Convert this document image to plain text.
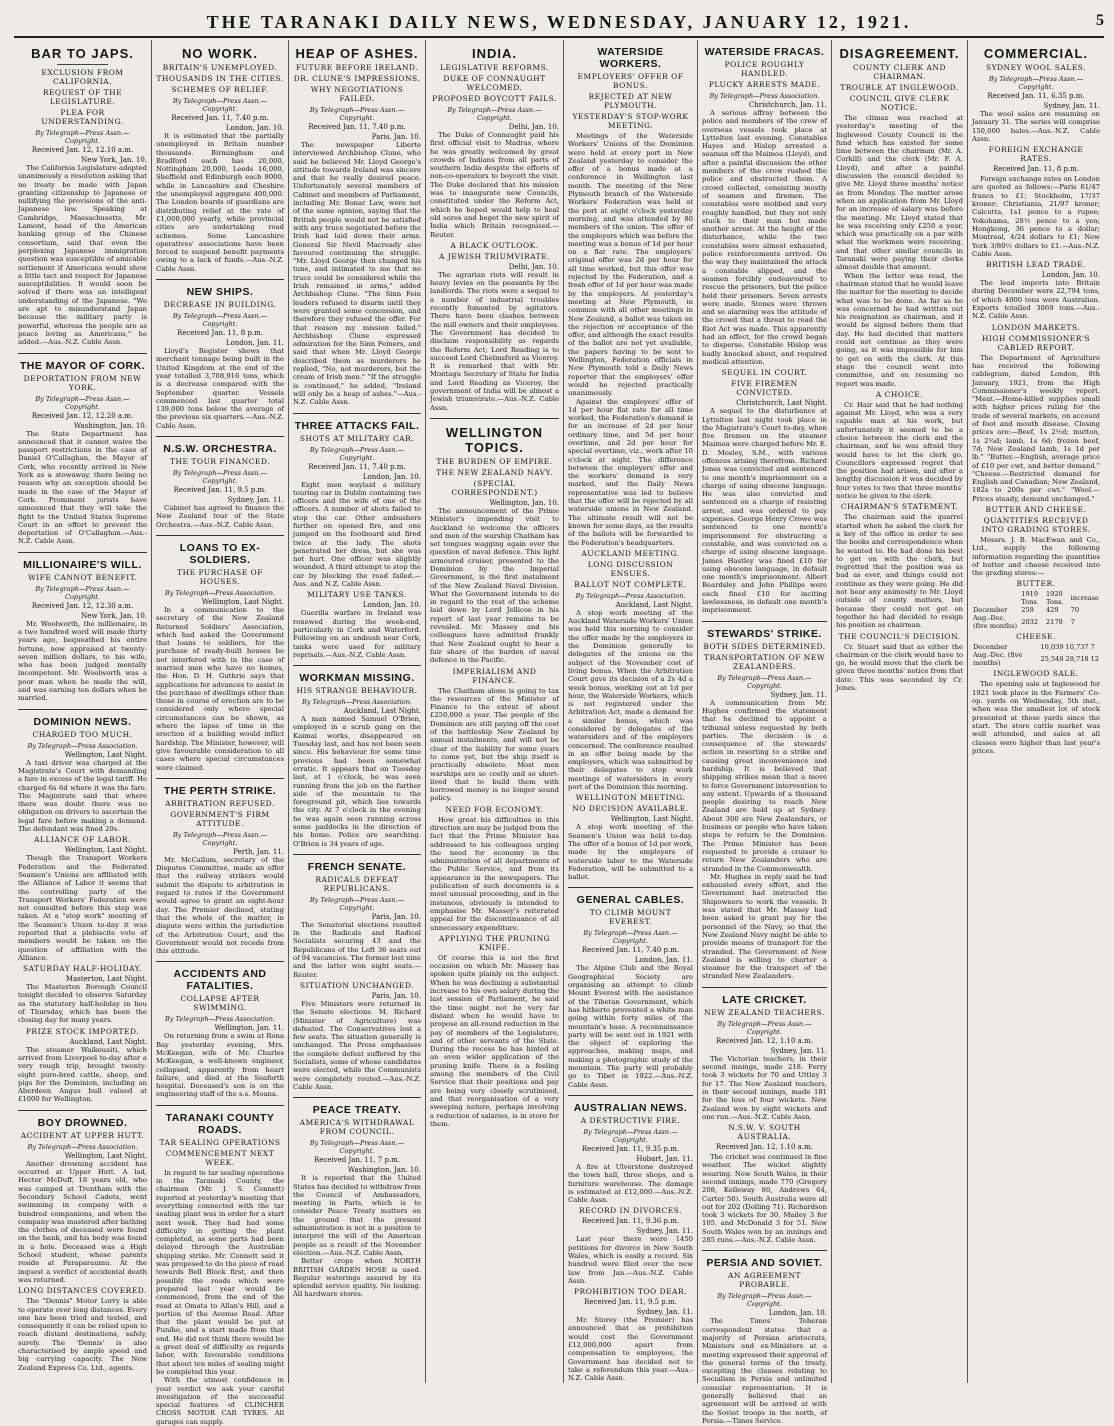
THE TARANAKI DAILY NEWS, WEDNESDAY, JANUARY 12, 1921.	5
BAR TO JAPS.
EXCLUSION FROM CALIFORNIA.
REQUEST OF THE LEGISLATURE.
PLEA FOR UNDERSTANDING.
By Telegraph—Press Assn.—Copyright.
Received Jan. 12, 12.10 a.m.
New York, Jan. 10.

The California Legislature adopted unanimously a resolution asking that no treaty be made with Japan granting citizenship to Japanese or nullifying the provisions of the anti-Japanese law. Speaking at Cambridge, Massachusetts, Mr. Lamont, head of the American banking group of the Chinese consortium, said that even the perplexing Japanese immigration question was susceptible of amicable settlement if Americans would show a little tact and respect for Japanese susceptibilities. It would soon be solved if there was an intelligent understanding of the Japanese. "We are apt to misunderstand Japan because the military party is powerful, whereas the people are as peace loving as Americans," he added.—Aus.-N.Z. Cable Assn.

THE MAYOR OF CORK.
DEPORTATION FROM NEW YORK.
By Telegraph—Press Assn.—Copyright.
Received Jan. 12, 12.20 a.m.
Washington, Jan. 10.

The State Department has announced that it cannot waive the passport restrictions in the case of Daniel O'Callaghan, the Mayor of Cork, who recently arrived in New York as a stowaway, there being no reason why an exception should be made in the case of the Mayor of Cork. Prominent jurists have announced that they will take the fight to the United States Supreme Court in an effort to prevent the deportation of O'Callaghan.—Aus.-N.Z. Cable Assn.

MILLIONAIRE'S WILL.
WIFE CANNOT BENEFIT.
By Telegraph—Press Assn.—Copyright.
Received Jan. 12, 12.30 a.m.
New York, Jan. 10.

Mr. Woolworth, the millionaire, in a two hundred word will made thirty years ago, bequeathed his entire fortune, now appraised at twenty-seven million dollars, to his wife, who has been judged mentally incompetent. Mr. Woolworth was a poor man when he made the will, and was earning ten dollars when he married.

DOMINION NEWS.
CHARGED TOO MUCH.
By Telegraph—Press Association.
Wellington, Last Night.

A taxi driver was charged at the Magistrate's Court with demanding a fare in excess of the legal tariff. He charged 6s 6d where it was the fare. The Magistrate said that where there was doubt there was no obligation on drivers to ascertain the legal fare before making a demand. The defendant was fined 20s.

ALLIANCE OF LABOR.
Wellington, Last Night.

Though the Transport Workers Federation and the Federated Seamen's Unions are affiliated with the Alliance of Labor it seems that the controlling party of the Transport Workers' Federation were not consulted before this step was taken. At a "stop work" meeting of the Seamen's Union to-day it was reported that a plebiscite vote of members would be taken on the question of affiliation with the Alliance.

SATURDAY HALF-HOLIDAY.
Masterton, Last Night.

The Masterton Borough Council tonight decided to observe Saturday as the statutory half-holiday in lieu of Thursday, which has been the closing day for many years.

PRIZE STOCK IMPORTED.
Auckland, Last Night.

The steamer Waikouaiti, which arrived from Liverpool to-day after a very rough trip, brought twenty-eight pure-bred cattle, sheep, and pigs for the Dominion, including an Aberdeen Angus bull valued at £1000 for Wellington.

BOY DROWNED.
ACCIDENT AT UPPER HUTT.
By Telegraph—Press Association.
Wellington, Last Night.

Another drowning accident has occurred at Upper Hutt. A lad, Hector McDuff, 18 years old, who was camped at Trentham with the Secondary School Cadets, went swimming in company with a hundred companions, and when the company was mustered after bathing the clothes of deceased were found on the bank, and his body was found in a hole. Deceased was a High School student, whose parents reside at Paraparaumu. At the inquest a verdict of accidental death was returned.

LONG DISTANCES COVERED.

The "Dennis" Motor Lorry is able to operate over long distances. Every one has been tried and tested, and consequently it can be relied upon to reach distant destinations, safely, surely. The 'Dennis' is also characterised by ample speed and big carrying capacity. The New Zealand Express Co. Ltd., agents.

NO WORK.
BRITAIN'S UNEMPLOYED.
THOUSANDS IN THE CITIES.
SCHEMES OF RELIEF.
By Telegraph—Press Assn.—Copyright.
Received Jan. 11, 7.40 p.m.
London, Jan. 10.

It is estimated that the partially unemployed in Britain number thousands. Birmingham and Bradford each has 20,000, Nottingham 20,000, Leeds 16,000, Sheffield and Edinburgh each 8000, while in Lancashire and Cheshire the unemployed aggregate 400,000. The London boards of guardians are distributing relief at the rate of £1,000,000 yearly, while provincial cities are undertaking road schemes. Some Lancashire operatives' associations have been forced to suspend benefit payments owing to a lack of funds.—Aus.-N.Z. Cable Assn.

NEW SHIPS.
DECREASE IN BUILDING.
By Telegraph—Press Assn.—Copyright.
Received Jan. 11, 8 p.m.
London, Jan. 11.

Lloyd's Register shows that merchant tonnage being built in the United Kingdom at the end of the year totalled 3,708,916 tons, which is a decrease compared with the September quarter. Vessels commenced last quarter total 139,000 tons below the average of the previous six quarters.—Aus.-N.Z. Cable Assn.

N.S.W. ORCHESTRA.
THE TOUR FINANCED.
By Telegraph—Press Assn.—Copyright.
Received Jan. 11, 9.5 p.m.
Sydney, Jan. 11.

Cabinet has agreed to finance the New Zealand tour of the State Orchestra.—Aus.-N.Z. Cable Assn.

LOANS TO EX-SOLDIERS.
THE PURCHASE OF HOUSES.
By Telegraph—Press Association.
Wellington, Last Night.

In a communication to the secretary of the New Zealand Returned Soldiers' Association, which had asked the Government that loans to soldiers, for the purchase of ready-built houses be not interfered with in the case of married men who have no homes, the Hon. D. H. Guthrie says that applications for advances to assist in the purchase of dwellings other than those in course of erection are to be considered only where special circumstances can be shown, as where the lapse of time in the erection of a building would inflict hardship. The Minister, however, will give favourable consideration to all cases where special circumstances were claimed.

THE PERTH STRIKE.
ARBITRATION REFUSED.
GOVERNMENT'S FIRM ATTITUDE.
By Telegraph—Press Assn.—Copyright.
Perth, Jan. 11.

Mr. McCallum, secretary of the Disputes Committee, made an offer that the railway strikers would submit the dispute to arbitration in regard to rates if the Government would agree to grant an eight-hour day. The Premier declined, stating that the whole of the matter, in dispute were within the jurisdiction of the Arbitration Court, and the Government would not recede from this attitude.

ACCIDENTS AND FATALITIES.
COLLAPSE AFTER SWIMMING.
By Telegraph—Press Association.
Wellington, Jan. 11.

On returning from a swim at Rona Bay yesterday evening, Mrs. McKeegan, wife of Mr. Charles McKeegan, a well-known engineer, collapsed, apparently from heart failure, and died at the Seaforth hospital. Deceased's son is on the engineering staff of the s.s. Moana.

TARANAKI COUNTY ROADS.
TAR SEALING OPERATIONS
COMMENCEMENT NEXT WEEK.

In regard to tar sealing operations in the Taranaki County, the chairman (Mr. J. S. Connett) reported at yesterday's meeting that everything connected with the tar sealing plant was in order for a start next week. They had had some difficulty in getting the plant completed, as some parts had been delayed through the Australian shipping strike. Mr. Connett said it was proposed to do the piece of road towards Bell Block first, and then possibly the roads which were prepared last year would be commenced, from the end of the road at Omata to Allan's Hill, and a portion of the Avenue Road. After that the plant would be put at Puniho, and a start made from that end. He did not think there would be a great deal of difficulty as regards labor, with favourable conditions that about ten miles of sealing might be completed this year.

With the utmost confidence in your verdict we ask your careful investigation of the successful special features of CLINCHER CROSS MOTOR CAR TYRES. All garages can supply.

HEAP OF ASHES.
FUTURE BEFORE IRELAND.
DR. CLUNE'S IMPRESSIONS.
WHY NEGOTIATIONS FAILED.
By Telegraph—Press Assn.—Copyright.
Received Jan. 11, 7.40 p.m.
Paris, Jan. 10.

The newspaper Liberte interviewed Archbishop Clune, who said he believed Mr. Lloyd George's attitude towards Ireland was sincere and that he really desired peace. Unfortunately several members of Cabinet and members of Parliament, including Mr. Bonar Law, were not of the same opinion, saying that the British people would not be satisfied with any truce negotiated before the Irish had laid down their arms. General Sir Nevil Macready also favoured continuing the struggle. "Mr. Lloyd George then changed his tune, and intimated to me that no truce could be considered while the Irish remained in arms," added Archbishop Clune. "The Sinn Fein leaders refused to disarm until they were granted some concession, and therefore they refused the offer. For that reason my mission failed." Archbishop Clune expressed admiration for the Sinn Feiners, and said that when Mr. Lloyd George described them as murderers he replied, "No, not murderers, but the cream of Irish men." "If the struggle is continued," he added, "Ireland will only be a heap of ashes."—Aus.-N.Z. Cable Assn.

THREE ATTACKS FAIL.
SHOTS AT MILITARY CAR.
By Telegraph—Press Assn.—Copyright.
Received Jan. 11, 7.40 p.m.
London, Jan. 10.

Eight men waylaid a military touring car in Dublin containing two officers and the wife of one of the officers. A number of shots failed to stop the car. Other ambushers further on opened fire, and one jumped on the footboard and fired twice at the lady. The shots penetrated her dress, but she was not hurt. One officer was slightly wounded. A third attempt to stop the car by blocking the road failed.—Aus. and N.Z. Cable Assn.

MILITARY USE TANKS.
London, Jan. 10.

Guerilla warfare in Ireland was renewed during the week-end, particularly in Cork and Waterford. Following on an ambush near Cork, tanks were used for military reprisals.—Aus.-N.Z. Cable Assn.

WORKMAN MISSING.
HIS STRANGE BEHAVIOUR.
By Telegraph—Press Association.
Auckland, Last Night.

A man named Samuel O'Brien, employed in a scrub gang on the Kaimai works, disappeared on Tuesday last, and has not been seen since. His behaviour for some time previous had been somewhat erratic. It appears that on Tuesday last, at 1 o'clock, he was seen running from the job on the further side of the mountain to the foreground pit, which lies towards the city. At 7 o'clock in the evening he was again seen running across some paddocks in the direction of his home. Police are searching. O'Brien is 34 years of age.

FRENCH SENATE.
RADICALS DEFEAT REPUBLICANS.
By Telegraph—Press Assn.—Copyright.
Paris, Jan. 10.

The Senatorial elections resulted in the Radicals and Radical Socialists securing 43 and the Republicans of the Left 36 seats out of 94 vacancies. The former lost nine and the latter won eight seats.—Reuter.

SITUATION UNCHANGED.
Paris, Jan. 10.

Five Ministers were returned in the Senate elections. M. Richard (Minister of Agriculture) was defeated. The Conservatives lost a few seats. The situation generally is unchanged. The Press emphasises the complete defeat suffered by the Socialists, some of whose candidates were elected, while the Communists were completely routed.—Aus.-N.Z. Cable Assn.

PEACE TREATY.
AMERICA'S WITHDRAWAL FROM COUNCIL.
By Telegraph—Press Assn.—Copyright.
Received Jan. 11, 7 p.m.
Washington, Jan. 10.

It is reported that the United States has decided to withdraw from the Council of Ambassadors, meeting in Paris, which is to consider Peace Treaty matters on the ground that the present administration is not in a position to interpret the will of the American people as a result of the November election.—Aus.-N.Z. Cable Assn.

Better crops when NORTH BRITISH GARDEN HOSE is used. Regular waterings assured by its splendid service quality. No leaking. All hardware stores.

INDIA.
LEGISLATIVE REFORMS.
DUKE OF CONNAUGHT WELCOMED.
PROPOSED BOYCOTT FAILS.
By Telegraph—Press Assn.—Copyright.
Delhi, Jan. 10.

The Duke of Connaught paid his first official visit to Madras, where he was greatly welcomed by great crowds of Indians from all parts of southern India despite the efforts of non-co-operators to boycott the visit. The Duke declared that his mission was to inaugurate new Councils, constituted under the Reform Act, which he hoped would help to heal old sores and beget the new spirit of India which Britain recognised.—Reuter.

A BLACK OUTLOOK.
A JEWISH TRIUMVIRATE.
Delhi, Jan. 10.

The agrarian riots will result in heavy levies on the peasants by the landlords. The riots were a sequel to a number of industrial troubles recently fomented by agitators. There have been clashes between the mill owners and their employees. The Government has decided to disclaim responsibility as regards the Reform Act; Lord Reading is to succeed Lord Chelmsford as Viceroy. It is remarked that with Mr. Montagu Secretary of State for India and Lord Reading as Viceroy, the government of India will be almost a Jewish triumvirate.—Aus.-N.Z. Cable Assn.

WELLINGTON TOPICS.
THE BURDEN OF EMPIRE.
THE NEW ZEALAND NAVY.
(SPECIAL CORRESPONDENT.)
Wellington, Jan. 10.

The announcement of the Prime Minister's impending visit to Auckland to welcome the officers and men of the warship Chatham has set tongues wagging again over the question of naval defence. This light armoured cruiser, presented to the Dominion by the Imperial Government, is the first instalment of the New Zealand Naval Division. What the Government intends to do in regard to the rest of the scheme laid down by Lord Jellicoe in his report of last year remains to be revealed. Mr. Massey and his colleagues have admitted frankly that New Zealand ought to bear a fair share of the burden of naval defence in the Pacific.

IMPERIALISM AND FINANCE.

The Chatham alone is going to tax the resources of the Minister of Finance to the extent of about £250,000 a year. The people of the Dominion are still paying off the cost of the battleship New Zealand by annual instalments, and will not be clear of the liability for some years to come yet, but the ship itself is practically obsolete. Most men warships are so costly and so short-lived that to build them with borrowed money is no longer sound policy.

NEED FOR ECONOMY.

How great his difficulties in this direction are may be judged from the fact that the Prime Minister has addressed to his colleagues urging the need for economy in the administration of all departments of the Public Service, and from its appearance in the newspapers. The publication of such documents is a most unusual proceeding, and in the instances, obviously is intended to emphasise Mr. Massey's reiterated appeal for the discontinuance of all unnecessary expenditure.

APPLYING THE PRUNING KNIFE.

Of course this is not the first occasion on which Mr. Massey has spoken quite plainly on the subject. When he was declining a substantial increase to his own salary during the last session of Parliament, he said the time might not be very far distant when he would have to propose an all-round reduction in the pay of members of the Legislature, and of other servants of the State. During the recess he has hinted at an even wider application of the pruning knife. There is a feeling among the members of the Civil Service that their positions and pay are being very closely scrutinised, and that reorganisation of a very sweeping nature, perhaps involving a reduction of salaries, is in store for them.

WATERSIDE WORKERS.
EMPLOYERS' OFFER OF BONUS.
REJECTED AT NEW PLYMOUTH.
YESTERDAY'S STOP-WORK MEETING.

Meetings of the Waterside Workers' Unions of the Dominion were held at every port in New Zealand yesterday to consider the offer of a bonus made at a conference in Wellington last month. The meeting of the New Plymouth branch of the Waterside Workers' Federation was held at the port at eight o'clock yesterday morning, and was attended by 80 members of the union. The offer of the employers which was before the meeting was a bonus of 1d per hour on a flat rate. The employers' original offer was 2d per hour for all time worked, but this offer was rejected by the Federation, and a fresh offer of 1d per hour was made by the employers. At yesterday's meeting at New Plymouth, in common with all other meetings in New Zealand, a ballot was taken on the rejection or acceptance of the offer, and although the exact results of the ballot are not yet available, the papers having to be sent to Wellington, Federation officials in New Plymouth told a Daily News reporter that the employers' offer would be rejected practically unanimously.

Against the employers' offer of 1d per hour flat rate for all time worked, the Federation's demand is for an increase of 2d per hour ordinary time, and 5d per hour overtime, and 2d per hour for special overtime, viz., work after 10 o'clock at night. The difference between the employers' offer and the workers' demand is very marked, and the Daily News representative was led to believe that the offer will be rejected by all waterside unions in New Zealand. The ultimate result will not be known for some days, as the results of the ballots will be forwarded to the Federation's headquarters.

AUCKLAND MEETING.
LONG DISCUSSION ENSUES.
BALLOT NOT COMPLETE.
By Telegraph—Press Association.
Auckland, Last Night.

A stop work meeting of the Auckland Waterside Workers' Union was held this morning to consider the offer made by the employers in the Dominion generally to delegates of the unions on the subject of the November cost of living bonus. When the Arbitration Court gave its decision of a 2s 4d a week bonus, working out at 1d per hour, the Waterside Workers, which is not registered under the Arbitration Act, made a demand for a similar bonus, which was considered by delegates of the watersiders and of the employers concerned. The conference resulted in an offer being made by the employers, which was submitted by their delegates to stop work meetings of watersiders in every port of the Dominion this morning.

WELLINGTON MEETING.
NO DECISION AVAILABLE.
Wellington, Last Night.

A stop work meeting of the Seamen's Union was held to-day. The offer of a bonus of 1d per work, made by the employers of waterside labor to the Waterside Federation, will be submitted to a ballot.

GENERAL CABLES.
TO CLIMB MOUNT EVEREST.
By Telegraph—Press Assn.—Copyright.
Received Jan. 11, 7.40 p.m.
London, Jan. 11.

The Alpine Club and the Royal Geographical Society are organising an attempt to climb Mount Everest with the assistance of the Tibetan Government, which has hitherto prevented a white man going within forty miles of the mountain's base. A reconnaissance party will be sent out in 1921 with the object of exploring the approaches, making maps, and making a photographic study of the mountain. The party will probably go to Tibet in 1922.—Aus.-N.Z. Cable Assn.

AUSTRALIAN NEWS.
A DESTRUCTIVE FIRE.
By Telegraph—Press Assn.—Copyright.
Received Jan. 11, 9.35 p.m.
Hobart, Jan. 11.

A fire at Ulverstone destroyed the town hall, three shops, and a furniture warehouse. The damage is estimated at £12,000.—Aus.-N.Z. Cable Assn.

RECORD IN DIVORCES.
Received Jan. 11, 9.36 p.m.
Sydney, Jan. 11.

Last year there were 1450 petitions for divorce in New South Wales, which is easily a record. Six hundred were filed over the new law from Jan.—Aus.-N.Z. Cable Assn.

PROHIBITION TOO DEAR.
Received Jan. 11, 9.5 p.m.
Sydney, Jan. 11.

Mr. Storey (the Premier) has announced that as prohibition would cost the Government £12,000,000 apart from compensation to employees, the Government has decided not to take a referendum this year.—Aus.-N.Z. Cable Assn.

WATERSIDE FRACAS.
POLICE ROUGHLY HANDLED.
PLUCKY ARRESTS MADE.
By Telegraph—Press Association.
Christchurch, Jan. 11.

A serious affray between the police and members of the crew of overseas vessels took place at Lyttelton last evening. Constables Hayes and Hislop arrested a seaman off the Maimoa (Lloyd), and after a painful discussion the other members of the crew rushed the police and obstructed them. A crowd collected, consisting mostly of seamen and firemen. The constables were mobbed and very roughly handled, but they not only stuck to their man but made another arrest. At the height of the disturbance, while the two constables were almost exhausted, police reinforcements arrived. On the way they maintained the attack a constable slipped, and the seamen forcibly endeavoured to rescue the prisoners, but the police held their prisoners. Seven arrests were made. Stones were thrown and so alarming was the attitude of the crowd that a threat to read the Riot Act was made. This apparently had an effect, for the crowd began to disperse. Constable Hislop was badly knocked about, and required medical attention.

SEQUEL IN COURT.
FIVE FIREMEN CONVICTED.
Christchurch, Last Night.

A sequel to the disturbance at Lyttelton last night took place in the Magistrate's Court to-day, when five firemen on the steamer Maimoa were charged before Mr. E. D. Mosley, S.M., with various offences arising therefrom. Richard Jones was convicted and sentenced to one month's imprisonment on a charge of using obscene language. He was also convicted and sentenced on a charge of resisting arrest, and was ordered to pay expenses. George Henry Crowe was sentenced to one month's imprisonment for obstructing a constable, and was convicted on a charge of using obscene language. James Hastley was fined £10 for using obscene language, in default one month's imprisonment. Albert Beardsley and John Phillips were each fined £10 for inciting lawlessness, in default one month's imprisonment.

STEWARDS' STRIKE.
BOTH SIDES DETERMINED.
TRANSPORTATION OF NEW ZEALANDERS.
By Telegraph—Press Assn.—Copyright.
Sydney, Jan. 11.

A communication from Mr. Hughes confirmed the statement that he declined to appoint a tribunal unless requested by both parties. The decision is a consequence of the stewards' action in resorting to a strike and causing great inconvenience and hardship. It is believed that shipping strikes mean that a move to force Government intervention to any extent. Upwards of a thousand people desiring to reach New Zealand are held up at Sydney. About 300 are New Zealanders, or business or people who have taken steps to return to the Dominion. The Prime Minister has been requested to provide a cruiser to return New Zealanders who are stranded in the Commonwealth.

Mr. Hughes in reply said he had exhausted every effort, and the Government had instructed the Shipowners to work the vessels. It was stated that Mr. Massey had been asked to grant pay for the personnel of the Navy, so that the New Zealand Navy might be able to provide means of transport for the stranded. The Government of New Zealand is willing to charter a steamer for the transport of the stranded New Zealanders.

LATE CRICKET.
NEW ZEALAND TEACHERS.
By Telegraph—Press Assn.—Copyright.
Received Jan. 12, 1.10 a.m.
Sydney, Jan. 11.

The Victorian teachers, in their second innings, made 218. Ferry took 3 wickets for 70 and Uttley 3 for 17. The New Zealand teachers, in their second innings, made 181 for the loss of four wickets. New Zealand won by eight wickets and one run.—Aus.-N.Z. Cable Assn.

N.S.W. V. SOUTH AUSTRALIA.
Received Jan. 12, 1.10 a.m.

The cricket was continued in fine weather. The wicket slightly wearing. New South Wales, in their second innings, made 770 (Gregory 208, Kelleway 80, Andrews 64, Carter 50). South Australia were all out for 202 (Dolling 71). Richardson took 3 wickets for 30, Mailey 3 for 105, and McDonald 3 for 51. New South Wales won by an innings and 285 runs.—Aus.-N.Z. Cable Assn.

PERSIA AND SOVIET.
AN AGREEMENT PROBABLE.
By Telegraph—Press Assn.—Copyright.
London, Jan. 10.

The Times' Teheran correspondent states that a majority of Persian aristocrats, Ministers and ex-Ministers at a meeting expressed their approval of the general terms of the treaty, excepting the clauses relating to Socialism in Persia and unlimited consular representation. It is generally believed that an agreement will be arrived at with the Soviet troops in the north, of Persia.—Times Service.

DISAGREEMENT.
COUNTY CLERK AND CHAIRMAN.
TROUBLE AT INGLEWOOD.
COUNCIL GIVE CLERK NOTICE.

The climax was reached at yesterday's meeting of the Inglewood County Council in the fund which has existed for some time between the chairman (Mr. A. Corkill) and the clerk (Mr. F. A. Lloyd), and after a painful discussion the council decided to give Mr. Lloyd three months' notice as from Monday. The matter arose when an application from Mr. Lloyd for an increase of salary was before the meeting. Mr. Lloyd stated that he was receiving only £250 a year, which was practically on a par with what the workmen were receiving, and that other similar councils in Taranaki were paying their clerks almost double that amount.

When the letter was read, the chairman stated that he would leave the matter for the meeting to decide what was to be done. As far as he was concerned he had written out his resignation as chairman, and it would be signed before them that day. He had decided that matters could not continue as they were going, as it was impossible for him to get on with the clerk. At this stage the council went into committee, and on resuming no report was made.

A CHOICE.

Cr. Hair said that he had nothing against Mr. Lloyd, who was a very capable man at his work, but unfortunately it seemed to be a choice between the clerk and the chairman, and he was afraid they would have to let the clerk go. Councillors expressed regret that the position had arisen, and after a lengthy discussion it was decided by four votes to two that three months' notice be given to the clerk.

CHAIRMAN'S STATEMENT.

The chairman said the quarrel started when he asked the clerk for a key of the office in order to see the books and correspondence when he wanted to. He had done his best to get on with the clerk, but regretted that the position was as bad as ever, and things could not continue as they were going. He did not bear any animosity to Mr. Lloyd outside of county matters, but because they could not get on together he had decided to resign his position as chairman.

THE COUNCIL'S DECISION.

Cr. Stuart said that as either the chairman or the clerk would have to go, he would move that the clerk be given three months' notice from that date. This was seconded by Cr. Jones.

COMMERCIAL.
SYDNEY WOOL SALES.
By Telegraph—Press Assn.—Copyright.
Received Jan. 11, 6.35 p.m.
Sydney, Jan. 11.

The wool sales are resuming on January 31. The series will comprise 150,000 bales.—Aus.-N.Z. Cable Assn.

FOREIGN EXCHANGE RATES.
Received Jan. 11, 8 p.m.

Foreign exchange rates on London are quoted as follows:—Paris 61/47 francs to £1; Stockholm, 17/37 kroner; Christiania, 21/97 kroner; Calcutta, 1s1 pence to a rupee; Yokohama, 28½ pence to a yen; Hongkong, 36 pence to a dollar; Montreal, 4/24 dollars to £1; New York 3/80½ dollars to £1.—Aus.-N.Z. Cable Assn.

BRITISH LEAD TRADE.
London, Jan. 10.

The lead imports into Britain during December were 22,794 tons, of which 4000 tons were Australian. Exports totalled 3069 tons.—Aus.-N.Z. Cable Assn.

LONDON MARKETS.
HIGH COMMISSIONER'S CABLED REPORT.

The Department of Agriculture has received the following cablegram, dated London, 8th January, 1921, from the High Commissioner's weekly report. "Meat.—Home-killed supplies small with higher prices ruling for the trade of several markets, on account of foot and mouth disease. Closing prices are:—Beef, 1s 2½d; mutton, 1s 2¾d; lamb, 1s 6d; frozen beef, 7d; New Zealand lamb, 1s 1d per lb." "Butter.—English, average price of £10 per cwt, and better demand." "Cheese.—Restricted demand for English and Canadian; New Zealand, 182s to 200s per cwt." "Wool.—Prices steady, demand unchanged."

BUTTER AND CHEESE.
QUANTITIES RECEIVED INTO GRADING STORES.

Messrs. J. B. MacEwan and Co., Ltd., supply the following information regarding the quantities of butter and cheese received into the grading stores:—

BUTTER.
	1919 Tons.	1920 Tons.	increase
December	259	429	70
Aug.-Dec. (five months)	2032	2170	7
CHEESE.
December	10,039	10,737	7
Aug.-Dec. (five months)	25,548	28,718	12
INGLEWOOD SALE.

The opening sale at Inglewood for 1921 took place in the Farmers' Co-op. yards on Wednesday, 5th inst., when was the smallest lot of stock presented at these yards since the start. The store cattle market was well attended, and sales at all classes were higher than last year's prices.
